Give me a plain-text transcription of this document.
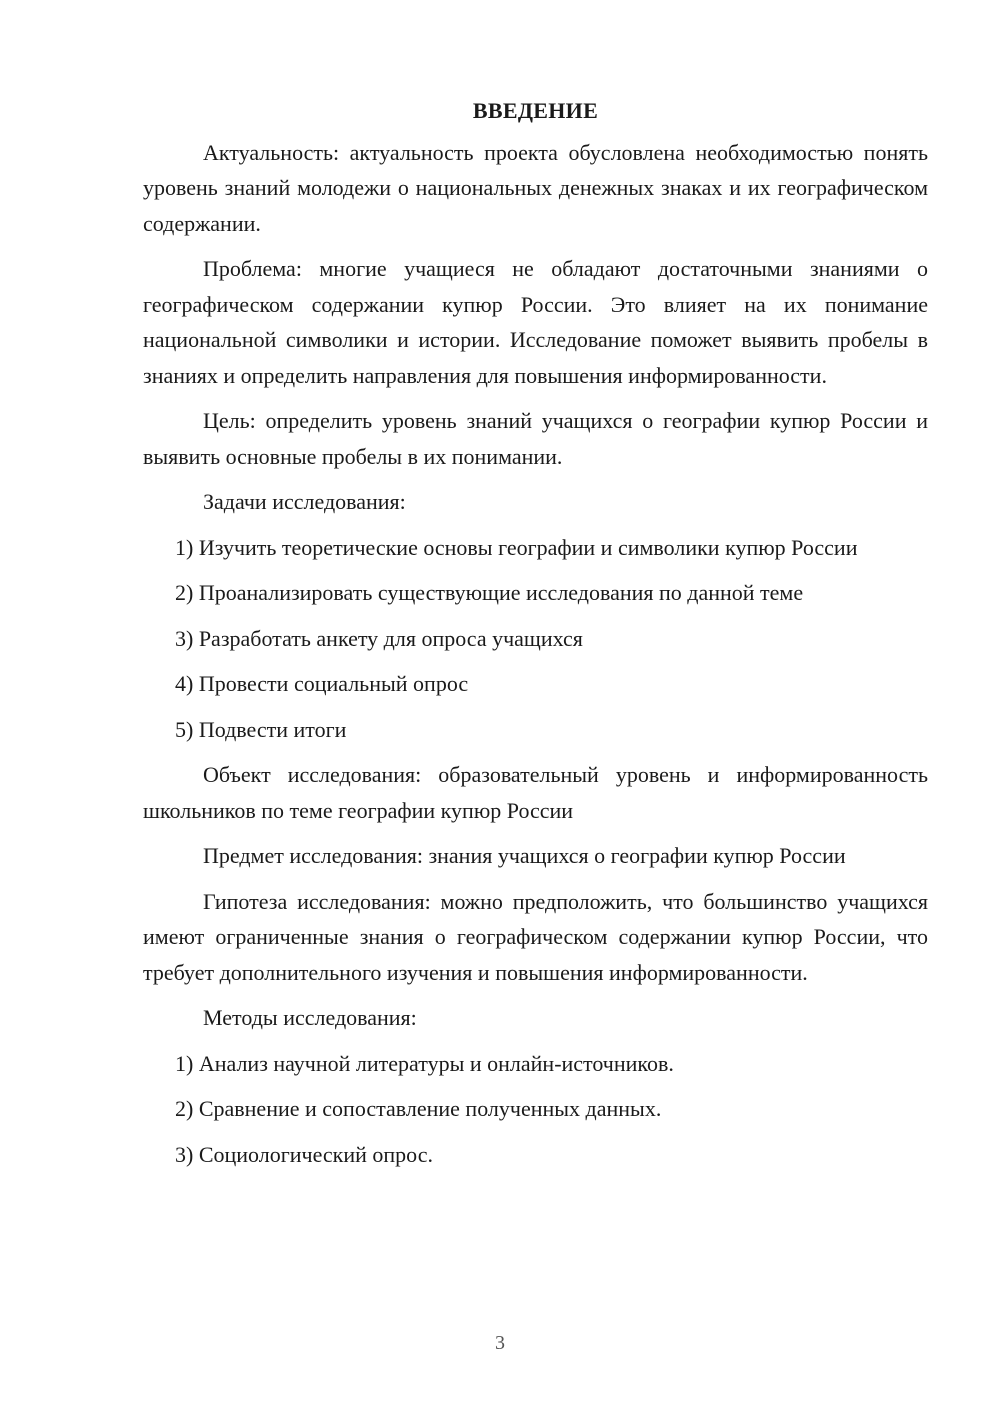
ВВЕДЕНИЕ

Актуальность: актуальность проекта обусловлена необходимостью понять уровень знаний молодежи о национальных денежных знаках и их географическом содержании.

Проблема: многие учащиеся не обладают достаточными знаниями о географическом содержании купюр России. Это влияет на их понимание национальной символики и истории. Исследование поможет выявить пробелы в знаниях и определить направления для повышения информированности.

Цель: определить уровень знаний учащихся о географии купюр России и выявить основные пробелы в их понимании.

Задачи исследования:

1) Изучить теоретические основы географии и символики купюр России

2) Проанализировать существующие исследования по данной теме

3) Разработать анкету для опроса учащихся

4) Провести социальный опрос

5) Подвести итоги

Объект исследования: образовательный уровень и информированность школьников по теме географии купюр России

Предмет исследования: знания учащихся о географии купюр России

Гипотеза исследования: можно предположить, что большинство учащихся имеют ограниченные знания о географическом содержании купюр России, что требует дополнительного изучения и повышения информированности.

Методы исследования:

1) Анализ научной литературы и онлайн-источников.

2) Сравнение и сопоставление полученных данных.

3) Социологический опрос.

3
